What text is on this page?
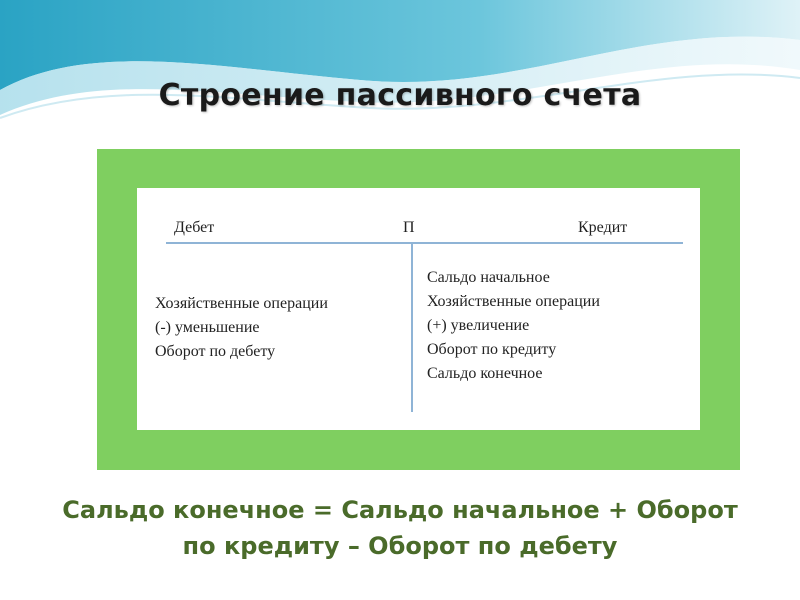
Строение пассивного счета
Дебет	П	Кредит
Хозяйственные операции
(-) уменьшение
Оборот по дебету
Сальдо начальное
Хозяйственные операции
(+) увеличение
Оборот по кредиту
Сальдо конечное
Сальдо конечное = Сальдо начальное + Оборот
по кредиту – Оборот по дебету
